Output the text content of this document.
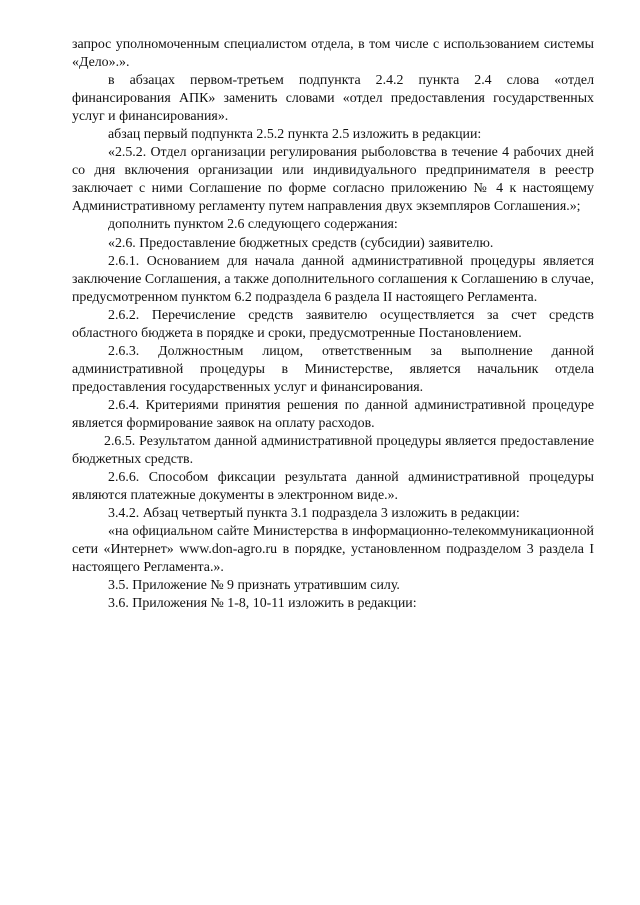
запрос уполномоченным специалистом отдела, в том числе с использованием системы «Дело».».

в абзацах первом-третьем подпункта 2.4.2 пункта 2.4 слова «отдел финансирования АПК» заменить словами «отдел предоставления государственных услуг и финансирования».

абзац первый подпункта 2.5.2 пункта 2.5 изложить в редакции:

«2.5.2. Отдел организации регулирования рыболовства в течение 4 рабочих дней со дня включения организации или индивидуального предпринимателя в реестр заключает с ними Соглашение по форме согласно приложению № 4 к настоящему Административному регламенту путем направления двух экземпляров Соглашения.»;

дополнить пунктом 2.6 следующего содержания:

«2.6. Предоставление бюджетных средств (субсидии) заявителю.

2.6.1. Основанием для начала данной административной процедуры является заключение Соглашения, а также дополнительного соглашения к Соглашению в случае, предусмотренном пунктом 6.2 подраздела 6 раздела II настоящего Регламента.

2.6.2. Перечисление средств заявителю осуществляется за счет средств областного бюджета в порядке и сроки, предусмотренные Постановлением.

2.6.3. Должностным лицом, ответственным за выполнение данной административной процедуры в Министерстве, является начальник отдела предоставления государственных услуг и финансирования.

2.6.4. Критериями принятия решения по данной административной процедуре является формирование заявок на оплату расходов.

2.6.5. Результатом данной административной процедуры является предоставление бюджетных средств.

2.6.6. Способом фиксации результата данной административной процедуры являются платежные документы в электронном виде.».

3.4.2. Абзац четвертый пункта 3.1 подраздела 3 изложить в редакции:

«на официальном сайте Министерства в информационно-телекоммуникационной сети «Интернет» www.don-agro.ru в порядке, установленном подразделом 3 раздела I настоящего Регламента.».

3.5. Приложение № 9 признать утратившим силу.

3.6. Приложения № 1-8, 10-11 изложить в редакции:
